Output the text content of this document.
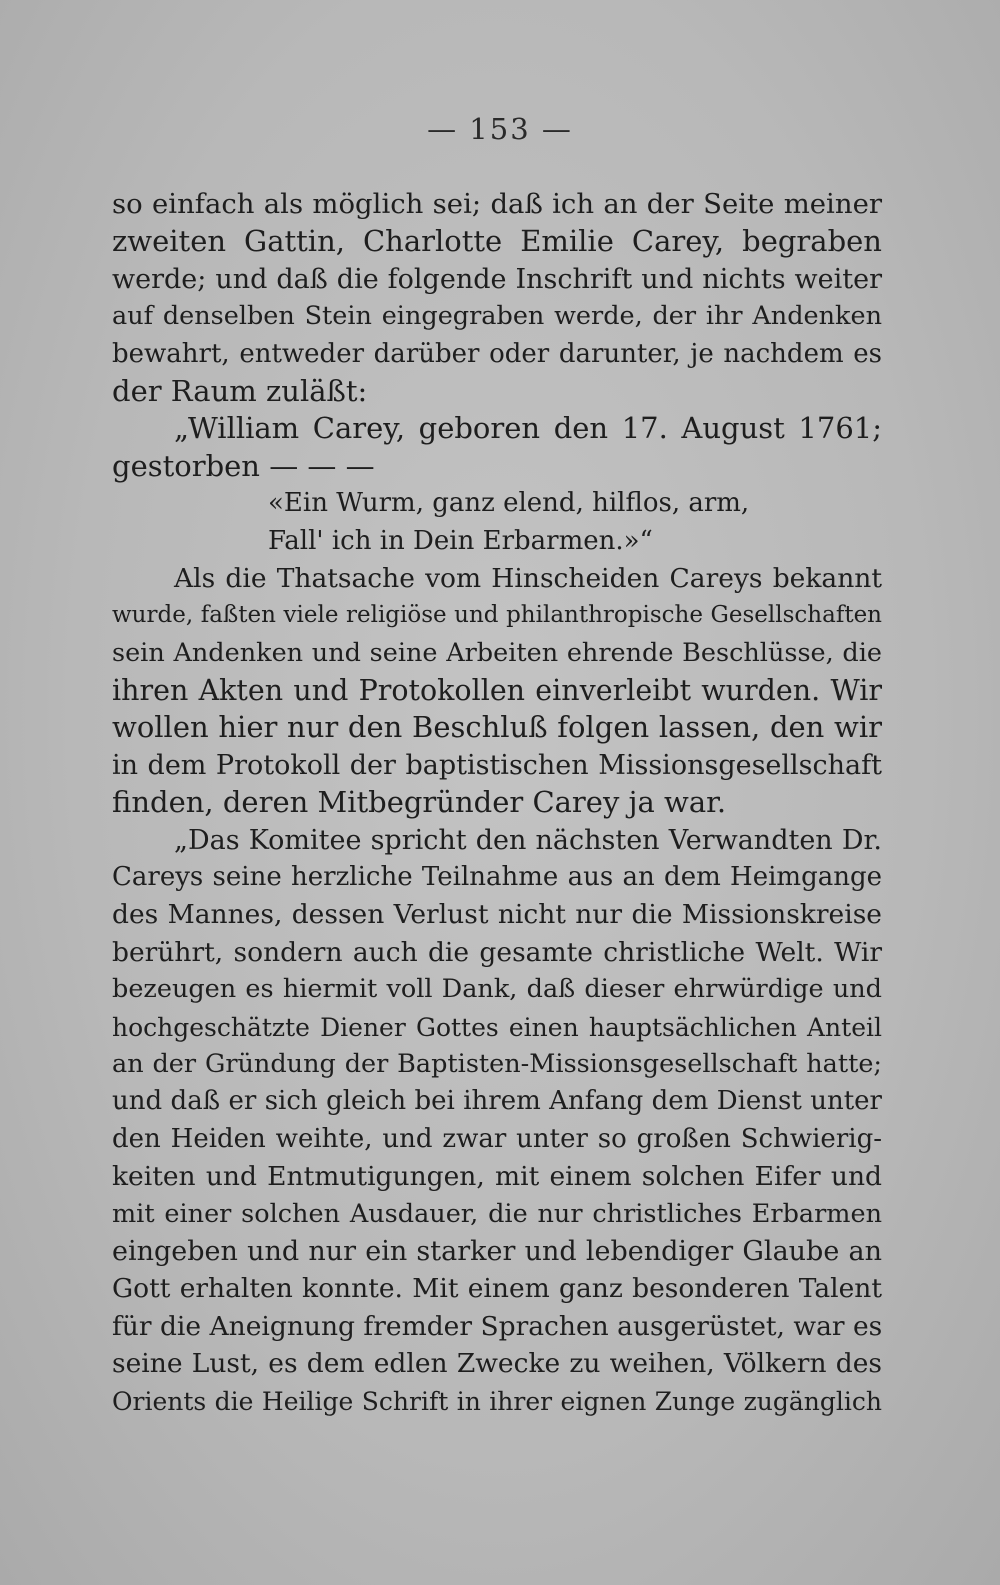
— 153 —
so einfach als möglich sei; daß ich an der Seite meiner
zweiten Gattin, Charlotte Emilie Carey, begraben
werde; und daß die folgende Inschrift und nichts weiter
auf denselben Stein eingegraben werde, der ihr Andenken
bewahrt, entweder darüber oder darunter, je nachdem es
der Raum zuläßt:
„William Carey, geboren den 17. August 1761;
gestorben — — —
«Ein Wurm, ganz elend, hilflos, arm,
Fall' ich in Dein Erbarmen.»“
Als die Thatsache vom Hinscheiden Careys bekannt
wurde, faßten viele religiöse und philanthropische Gesellschaften
sein Andenken und seine Arbeiten ehrende Beschlüsse, die
ihren Akten und Protokollen einverleibt wurden. Wir
wollen hier nur den Beschluß folgen lassen, den wir
in dem Protokoll der baptistischen Missionsgesellschaft
finden, deren Mitbegründer Carey ja war.
„Das Komitee spricht den nächsten Verwandten Dr.
Careys seine herzliche Teilnahme aus an dem Heimgange
des Mannes, dessen Verlust nicht nur die Missionskreise
berührt, sondern auch die gesamte christliche Welt. Wir
bezeugen es hiermit voll Dank, daß dieser ehrwürdige und
hochgeschätzte Diener Gottes einen hauptsächlichen Anteil
an der Gründung der Baptisten-Missionsgesellschaft hatte;
und daß er sich gleich bei ihrem Anfang dem Dienst unter
den Heiden weihte, und zwar unter so großen Schwierig-
keiten und Entmutigungen, mit einem solchen Eifer und
mit einer solchen Ausdauer, die nur christliches Erbarmen
eingeben und nur ein starker und lebendiger Glaube an
Gott erhalten konnte. Mit einem ganz besonderen Talent
für die Aneignung fremder Sprachen ausgerüstet, war es
seine Lust, es dem edlen Zwecke zu weihen, Völkern des
Orients die Heilige Schrift in ihrer eignen Zunge zugänglich
